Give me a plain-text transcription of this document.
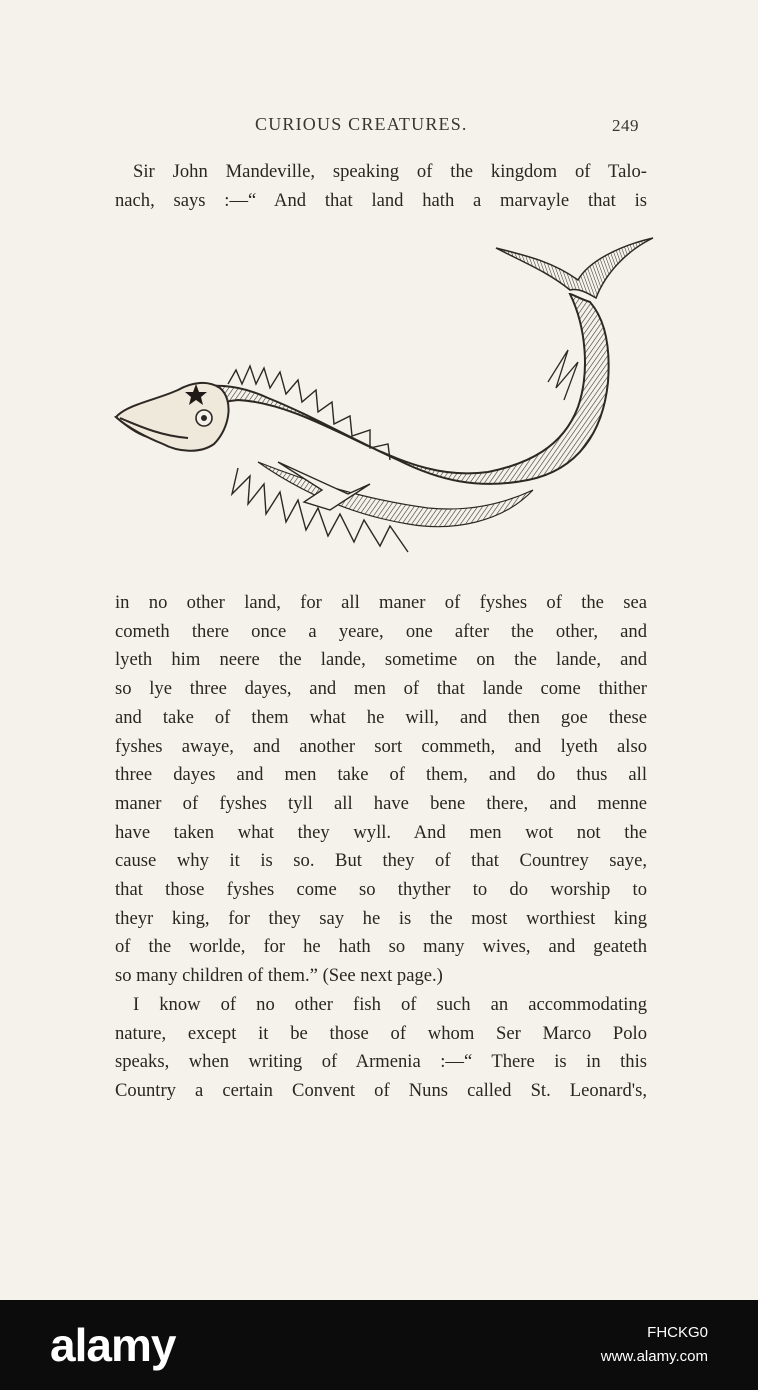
CURIOUS CREATURES.	249
Sir John Mandeville, speaking of the kingdom of Talo-
nach, says :—“ And that land hath a marvayle that is
in no other land, for all maner of fyshes of the sea
cometh there once a yeare, one after the other, and
lyeth him neere the lande, sometime on the lande, and
so lye three dayes, and men of that lande come thither
and take of them what he will, and then goe these
fyshes awaye, and another sort commeth, and lyeth also
three dayes and men take of them, and do thus all
maner of fyshes tyll all have bene there, and menne
have taken what they wyll. And men wot not the
cause why it is so. But they of that Countrey saye,
that those fyshes come so thyther to do worship to
theyr king, for they say he is the most worthiest king
of the worlde, for he hath so many wives, and geateth
so many children of them.” (See next page.)
I know of no other fish of such an accommodating
nature, except it be those of whom Ser Marco Polo
speaks, when writing of Armenia :—“ There is in this
Country a certain Convent of Nuns called St. Leonard's,
alamy	FHCKG0
www.alamy.com
